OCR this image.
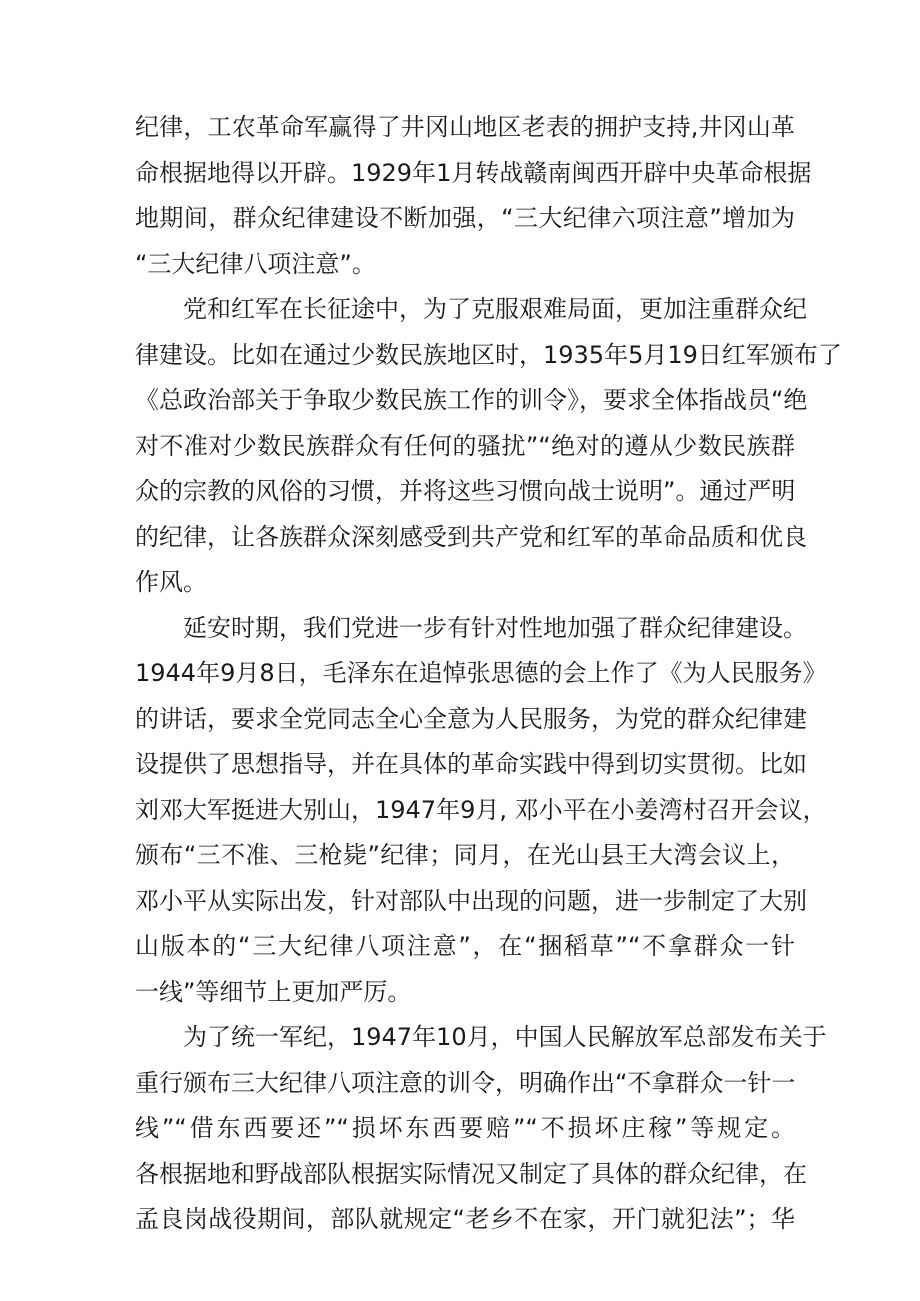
纪律，工农革命军赢得了井冈山地区老表的拥护支持,井冈山革
命根据地得以开辟。1929年1月转战赣南闽西开辟中央革命根据
地期间，群众纪律建设不断加强，“三大纪律六项注意”增加为
“三大纪律八项注意”。
党和红军在长征途中，为了克服艰难局面，更加注重群众纪
律建设。比如在通过少数民族地区时，1935年5月19日红军颁布了
《总政治部关于争取少数民族工作的训令》，要求全体指战员“绝
对不准对少数民族群众有任何的骚扰”“绝对的遵从少数民族群
众的宗教的风俗的习惯，并将这些习惯向战士说明”。通过严明
的纪律，让各族群众深刻感受到共产党和红军的革命品质和优良
作风。
延安时期，我们党进一步有针对性地加强了群众纪律建设。
1944年9月8日，毛泽东在追悼张思德的会上作了《为人民服务》
的讲话，要求全党同志全心全意为人民服务，为党的群众纪律建
设提供了思想指导，并在具体的革命实践中得到切实贯彻。比如
刘邓大军挺进大别山，1947年9月, 邓小平在小姜湾村召开会议，
颁布“三不准、三枪毙”纪律；同月，在光山县王大湾会议上，
邓小平从实际出发，针对部队中出现的问题，进一步制定了大别
山版本的“三大纪律八项注意”，在“捆稻草”“不拿群众一针
一线”等细节上更加严厉。
为了统一军纪，1947年10月，中国人民解放军总部发布关于
重行颁布三大纪律八项注意的训令，明确作出“不拿群众一针一
线”“借东西要还”“损坏东西要赔”“不损坏庄稼”等规定。
各根据地和野战部队根据实际情况又制定了具体的群众纪律，在
孟良岗战役期间，部队就规定“老乡不在家，开门就犯法”；华
